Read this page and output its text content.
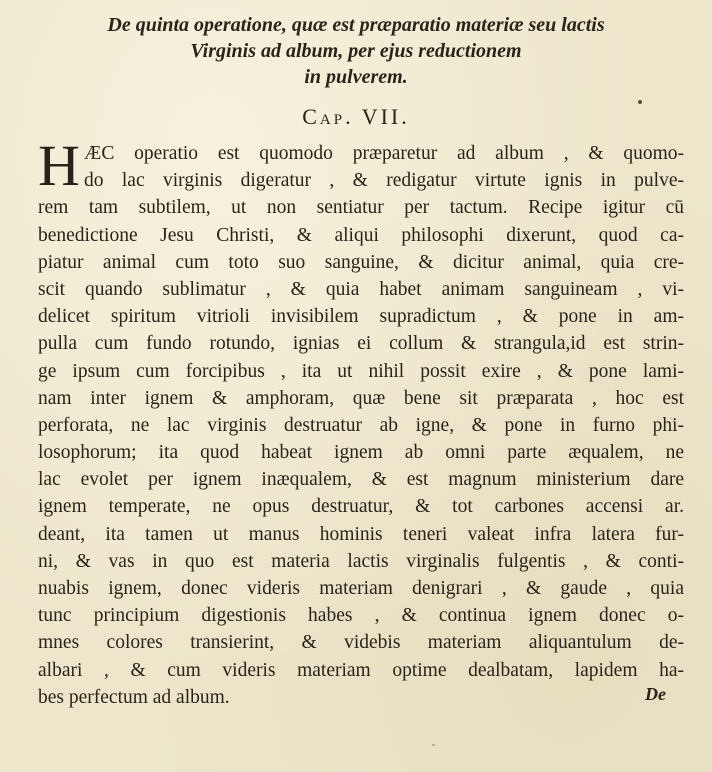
De quinta operatione, quæ est præparatio materiæ seu lactis
Virginis ad album, per ejus reductionem
in pulverem.
Cap. VII.
H ÆC operatio est quomodo præparetur ad album , & quomo-
do lac virginis digeratur , & redigatur virtute ignis in pulve-
rem tam subtilem, ut non sentiatur per tactum. Recipe igitur cū
benedictione Jesu Christi, & aliqui philosophi dixerunt, quod ca-
piatur animal cum toto suo sanguine, & dicitur animal, quia cre-
scit quando sublimatur , & quia habet animam sanguineam , vi-
delicet spiritum vitrioli invisibilem supradictum , & pone in am-
pulla cum fundo rotundo, ignias ei collum & strangula,id est strin-
ge ipsum cum forcipibus , ita ut nihil possit exire , & pone lami-
nam inter ignem & amphoram, quæ bene sit præparata , hoc est
perforata, ne lac virginis destruatur ab igne, & pone in furno phi-
losophorum; ita quod habeat ignem ab omni parte æqualem, ne
lac evolet per ignem inæqualem, & est magnum ministerium dare
ignem temperate, ne opus destruatur, & tot carbones accensi ar.
deant, ita tamen ut manus hominis teneri valeat infra latera fur-
ni, & vas in quo est materia lactis virginalis fulgentis , & conti-
nuabis ignem, donec videris materiam denigrari , & gaude , quia
tunc principium digestionis habes , & continua ignem donec o-
mnes colores transierint, & videbis materiam aliquantulum de-
albari , & cum videris materiam optime dealbatam, lapidem ha-
bes perfectum ad album.	De
